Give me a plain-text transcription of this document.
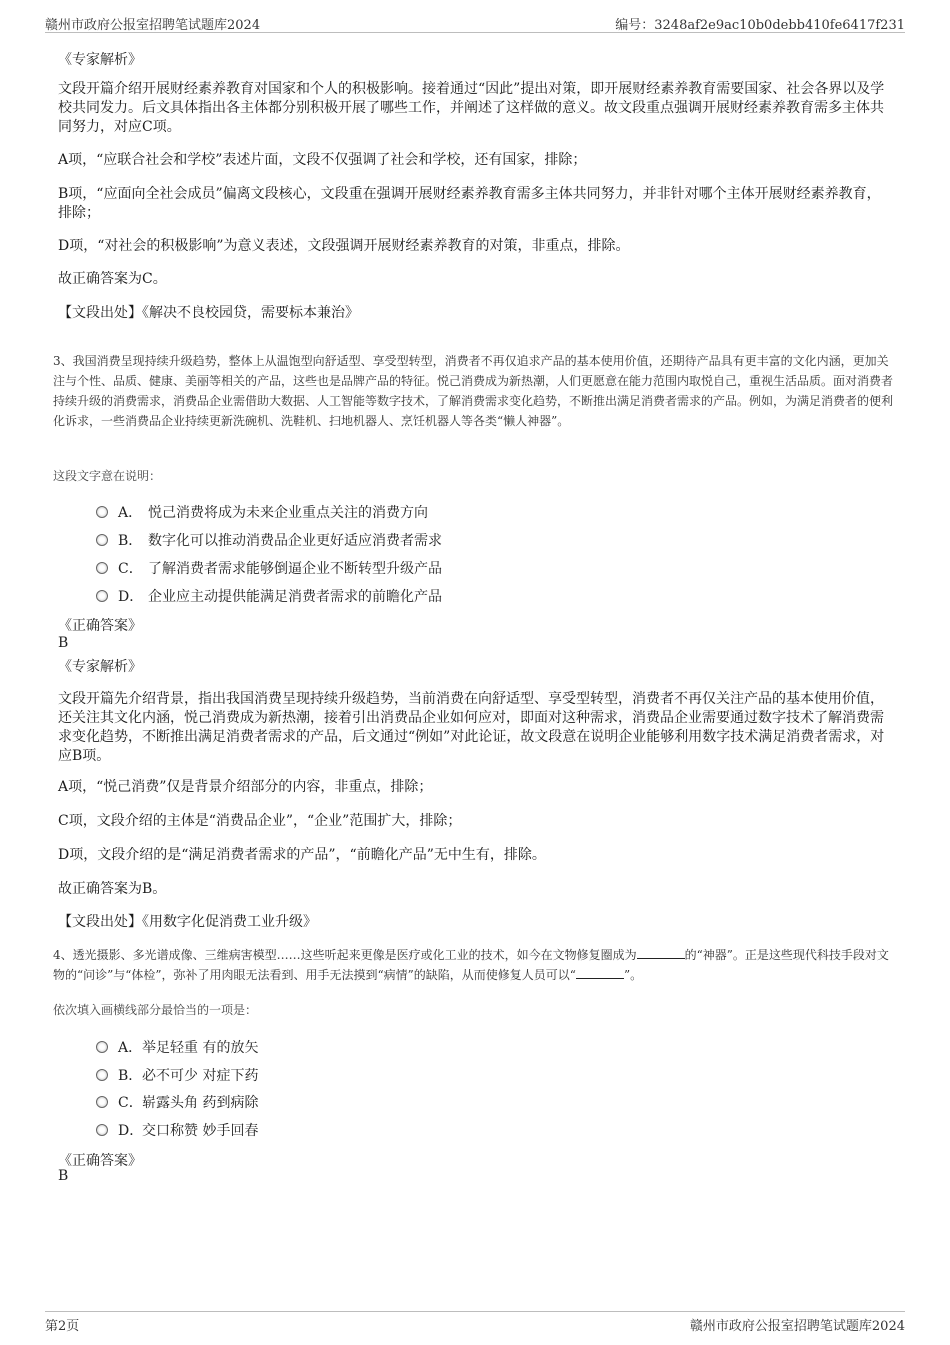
赣州市政府公报室招聘笔试题库2024	编号：3248af2e9ac10b0debb410fe6417f231
《专家解析》
文段开篇介绍开展财经素养教育对国家和个人的积极影响。接着通过“因此”提出对策，即开展财经素养教育需要国家、社会各界以及学校共同发力。后文具体指出各主体都分别积极开展了哪些工作，并阐述了这样做的意义。故文段重点强调开展财经素养教育需多主体共同努力，对应C项。
A项，“应联合社会和学校”表述片面，文段不仅强调了社会和学校，还有国家，排除；
B项，“应面向全社会成员”偏离文段核心，文段重在强调开展财经素养教育需多主体共同努力，并非针对哪个主体开展财经素养教育，排除；
D项，“对社会的积极影响”为意义表述，文段强调开展财经素养教育的对策，非重点，排除。
故正确答案为C。
【文段出处】《解决不良校园贷，需要标本兼治》
3、我国消费呈现持续升级趋势，整体上从温饱型向舒适型、享受型转型，消费者不再仅追求产品的基本使用价值，还期待产品具有更丰富的文化内涵，更加关注与个性、品质、健康、美丽等相关的产品，这些也是品牌产品的特征。悦己消费成为新热潮，人们更愿意在能力范围内取悦自己，重视生活品质。面对消费者持续升级的消费需求，消费品企业需借助大数据、人工智能等数字技术，了解消费需求变化趋势，不断推出满足消费者需求的产品。例如，为满足消费者的便利化诉求，一些消费品企业持续更新洗碗机、洗鞋机、扫地机器人、烹饪机器人等各类“懒人神器”。
这段文字意在说明：
A． 悦己消费将成为未来企业重点关注的消费方向
B． 数字化可以推动消费品企业更好适应消费者需求
C． 了解消费者需求能够倒逼企业不断转型升级产品
D． 企业应主动提供能满足消费者需求的前瞻化产品
《正确答案》
B
《专家解析》
文段开篇先介绍背景，指出我国消费呈现持续升级趋势，当前消费在向舒适型、享受型转型，消费者不再仅关注产品的基本使用价值，还关注其文化内涵，悦己消费成为新热潮，接着引出消费品企业如何应对，即面对这种需求，消费品企业需要通过数字技术了解消费需求变化趋势，不断推出满足消费者需求的产品，后文通过“例如”对此论证，故文段意在说明企业能够利用数字技术满足消费者需求，对应B项。
A项，“悦己消费”仅是背景介绍部分的内容，非重点，排除；
C项，文段介绍的主体是“消费品企业”，“企业”范围扩大，排除；
D项，文段介绍的是“满足消费者需求的产品”，“前瞻化产品”无中生有，排除。
故正确答案为B。
【文段出处】《用数字化促消费工业升级》
4、透光摄影、多光谱成像、三维病害模型……这些听起来更像是医疗或化工业的技术，如今在文物修复圈成为	的“神器”。正是这些现代科技手段对文物的“问诊”与“体检”，弥补了用肉眼无法看到、用手无法摸到“病情”的缺陷，从而使修复人员可以“	”。
依次填入画横线部分最恰当的一项是：
A．举足轻重 有的放矢
B．必不可少 对症下药
C．崭露头角 药到病除
D．交口称赞 妙手回春
《正确答案》
B
第2页	赣州市政府公报室招聘笔试题库2024
